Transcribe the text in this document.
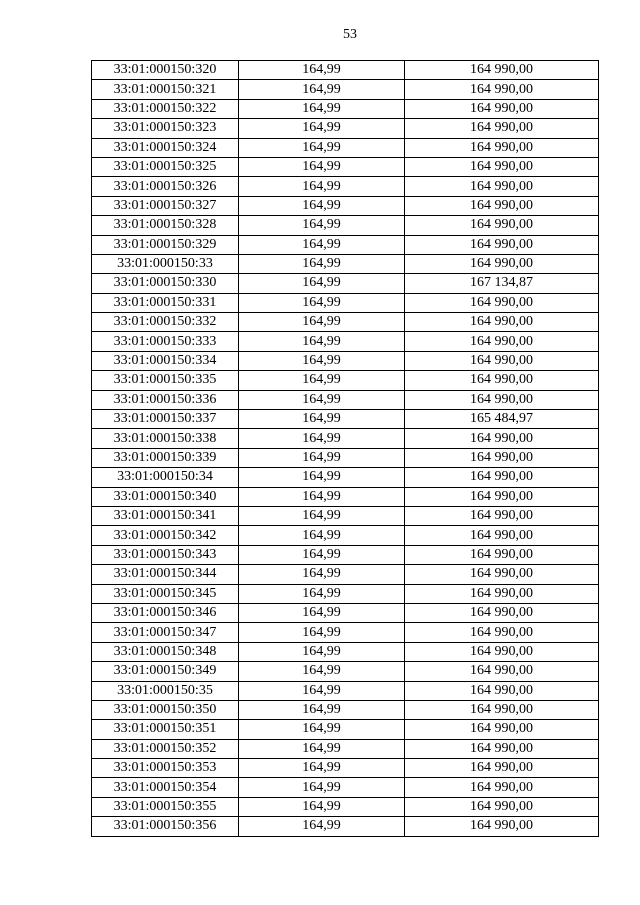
53
33:01:000150:320	164,99	164 990,00
33:01:000150:321	164,99	164 990,00
33:01:000150:322	164,99	164 990,00
33:01:000150:323	164,99	164 990,00
33:01:000150:324	164,99	164 990,00
33:01:000150:325	164,99	164 990,00
33:01:000150:326	164,99	164 990,00
33:01:000150:327	164,99	164 990,00
33:01:000150:328	164,99	164 990,00
33:01:000150:329	164,99	164 990,00
33:01:000150:33	164,99	164 990,00
33:01:000150:330	164,99	167 134,87
33:01:000150:331	164,99	164 990,00
33:01:000150:332	164,99	164 990,00
33:01:000150:333	164,99	164 990,00
33:01:000150:334	164,99	164 990,00
33:01:000150:335	164,99	164 990,00
33:01:000150:336	164,99	164 990,00
33:01:000150:337	164,99	165 484,97
33:01:000150:338	164,99	164 990,00
33:01:000150:339	164,99	164 990,00
33:01:000150:34	164,99	164 990,00
33:01:000150:340	164,99	164 990,00
33:01:000150:341	164,99	164 990,00
33:01:000150:342	164,99	164 990,00
33:01:000150:343	164,99	164 990,00
33:01:000150:344	164,99	164 990,00
33:01:000150:345	164,99	164 990,00
33:01:000150:346	164,99	164 990,00
33:01:000150:347	164,99	164 990,00
33:01:000150:348	164,99	164 990,00
33:01:000150:349	164,99	164 990,00
33:01:000150:35	164,99	164 990,00
33:01:000150:350	164,99	164 990,00
33:01:000150:351	164,99	164 990,00
33:01:000150:352	164,99	164 990,00
33:01:000150:353	164,99	164 990,00
33:01:000150:354	164,99	164 990,00
33:01:000150:355	164,99	164 990,00
33:01:000150:356	164,99	164 990,00
